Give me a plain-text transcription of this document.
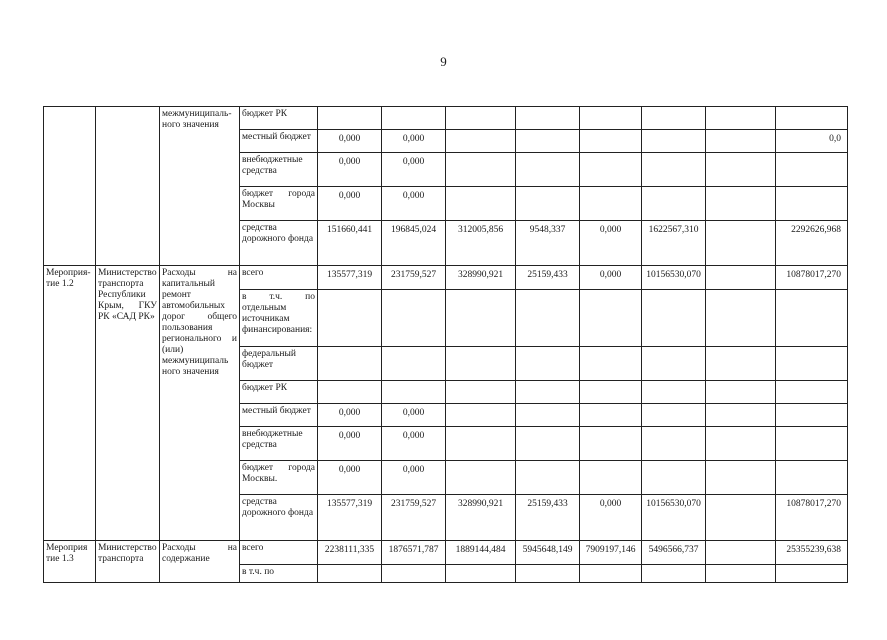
9
		межмуниципаль-ного значения	бюджет РК								
			местный бюджет	0,000	0,000						0,0
			внебюджетные средства	0,000	0,000						
			бюджет города Москвы	0,000	0,000						
			средства дорожного фонда	151660,441	196845,024	312005,856	9548,337	0,000	1622567,310		2292626,968
Мероприя-тие 1.2	Министерство транспорта Республики Крым, ГКУ РК «САД РК»	Расходы на капитальный ремонт автомобильных дорог общего пользования регионального и (или) межмуниципаль ного значения	всего	135577,319	231759,527	328990,921	25159,433	0,000	10156530,070		10878017,270
			в т.ч. по отдельным источникам финансирования:								
			федеральный бюджет								
			бюджет РК								
			местный бюджет	0,000	0,000						
			внебюджетные средства	0,000	0,000						
			бюджет города Москвы.	0,000	0,000						
			средства дорожного фонда	135577,319	231759,527	328990,921	25159,433	0,000	10156530,070		10878017,270
Мероприя тие 1.3	Министерство транспорта	Расходы на содержание	всего	2238111,335	1876571,787	1889144,484	5945648,149	7909197,146	5496566,737		25355239,638
			в т.ч. по								
